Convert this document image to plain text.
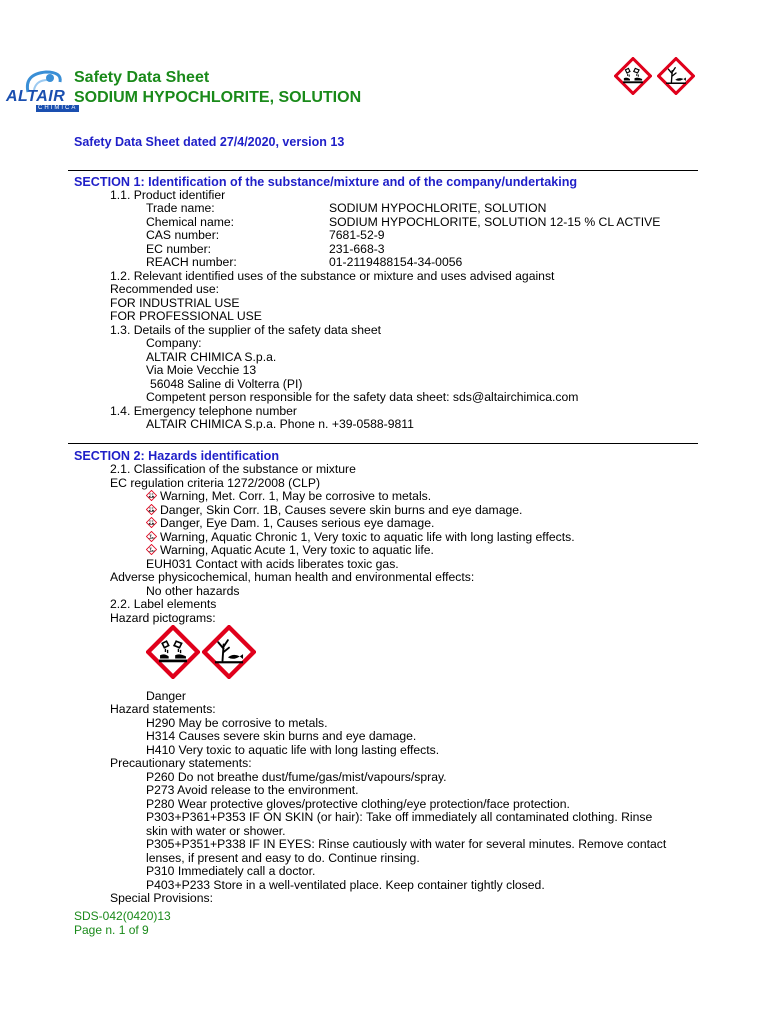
ALTAIR
CHIMICA
Safety Data Sheet
SODIUM HYPOCHLORITE, SOLUTION
Safety Data Sheet dated 27/4/2020, version 13
SECTION 1: Identification of the substance/mixture and of the company/undertaking
1.1. Product identifier
Trade name:	SODIUM HYPOCHLORITE, SOLUTION
Chemical name:	SODIUM HYPOCHLORITE, SOLUTION 12-15 % CL ACTIVE
CAS number:	7681-52-9
EC number:	231-668-3
REACH number:	01-2119488154-34-0056
1.2. Relevant identified uses of the substance or mixture and uses advised against
Recommended use:
FOR INDUSTRIAL USE
FOR PROFESSIONAL USE
1.3. Details of the supplier of the safety data sheet
Company:
ALTAIR CHIMICA S.p.a.
Via Moie Vecchie 13
56048 Saline di Volterra (PI)
Competent person responsible for the safety data sheet: sds@altairchimica.com
1.4. Emergency telephone number
ALTAIR CHIMICA S.p.a. Phone n. +39-0588-9811
SECTION 2: Hazards identification
2.1. Classification of the substance or mixture
EC regulation criteria 1272/2008 (CLP)
Warning, Met. Corr. 1, May be corrosive to metals.
Danger, Skin Corr. 1B, Causes severe skin burns and eye damage.
Danger, Eye Dam. 1, Causes serious eye damage.
Warning, Aquatic Chronic 1, Very toxic to aquatic life with long lasting effects.
Warning, Aquatic Acute 1, Very toxic to aquatic life.
EUH031 Contact with acids liberates toxic gas.
Adverse physicochemical, human health and environmental effects:
No other hazards
2.2. Label elements
Hazard pictograms:
Danger
Hazard statements:
H290 May be corrosive to metals.
H314 Causes severe skin burns and eye damage.
H410 Very toxic to aquatic life with long lasting effects.
Precautionary statements:
P260 Do not breathe dust/fume/gas/mist/vapours/spray.
P273 Avoid release to the environment.
P280 Wear protective gloves/protective clothing/eye protection/face protection.
P303+P361+P353 IF ON SKIN (or hair): Take off immediately all contaminated clothing. Rinse
skin with water or shower.
P305+P351+P338 IF IN EYES: Rinse cautiously with water for several minutes. Remove contact
lenses, if present and easy to do. Continue rinsing.
P310 Immediately call a doctor.
P403+P233 Store in a well-ventilated place. Keep container tightly closed.
Special Provisions:
SDS-042(0420)13
Page n. 1 of 9
